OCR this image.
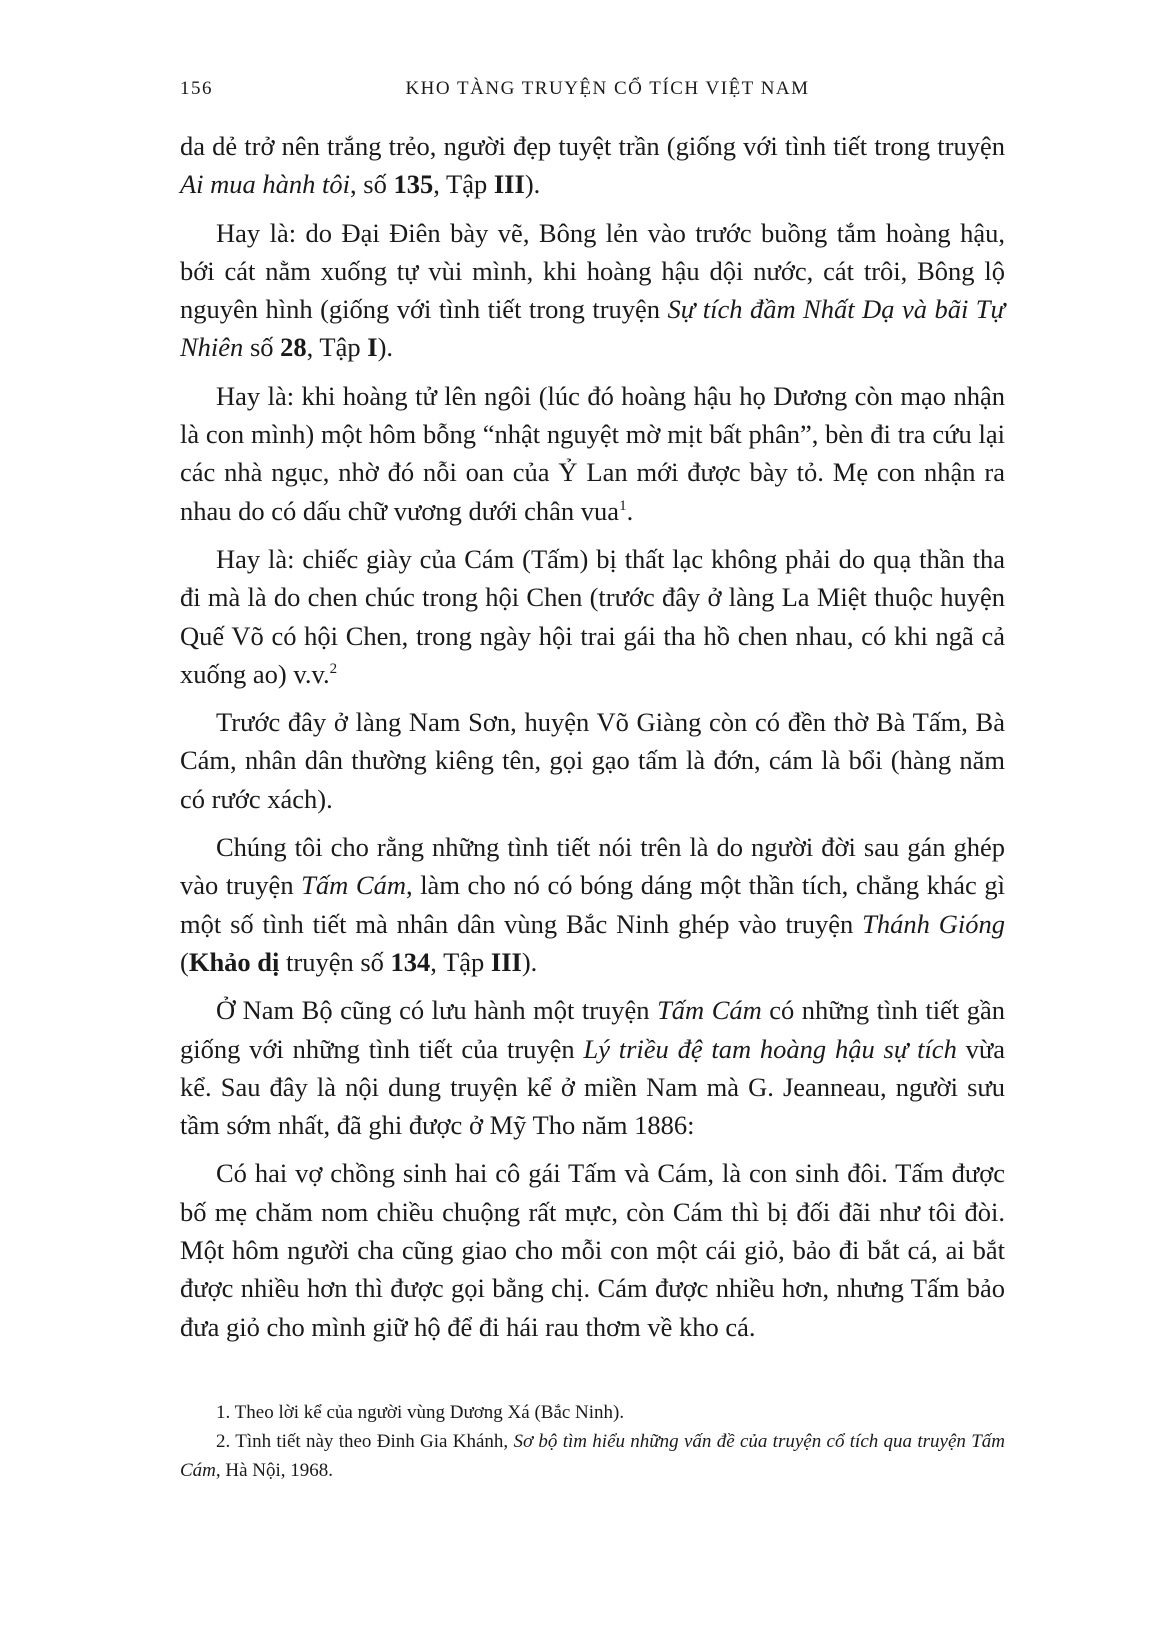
156	KHO TÀNG TRUYỆN CỔ TÍCH VIỆT NAM

da dẻ trở nên trắng trẻo, người đẹp tuyệt trần (giống với tình tiết trong truyện Ai mua hành tôi, số 135, Tập III).

Hay là: do Đại Điên bày vẽ, Bông lẻn vào trước buồng tắm hoàng hậu, bới cát nằm xuống tự vùi mình, khi hoàng hậu dội nước, cát trôi, Bông lộ nguyên hình (giống với tình tiết trong truyện Sự tích đầm Nhất Dạ và bãi Tự Nhiên số 28, Tập I).

Hay là: khi hoàng tử lên ngôi (lúc đó hoàng hậu họ Dương còn mạo nhận là con mình) một hôm bỗng “nhật nguyệt mờ mịt bất phân”, bèn đi tra cứu lại các nhà ngục, nhờ đó nỗi oan của Ỷ Lan mới được bày tỏ. Mẹ con nhận ra nhau do có dấu chữ vương dưới chân vua$^1$.

Hay là: chiếc giày của Cám (Tấm) bị thất lạc không phải do quạ thần tha đi mà là do chen chúc trong hội Chen (trước đây ở làng La Miệt thuộc huyện Quế Võ có hội Chen, trong ngày hội trai gái tha hồ chen nhau, có khi ngã cả xuống ao) v.v.$^2$

Trước đây ở làng Nam Sơn, huyện Võ Giàng còn có đền thờ Bà Tấm, Bà Cám, nhân dân thường kiêng tên, gọi gạo tấm là đớn, cám là bổi (hàng năm có rước xách).

Chúng tôi cho rằng những tình tiết nói trên là do người đời sau gán ghép vào truyện Tấm Cám, làm cho nó có bóng dáng một thần tích, chẳng khác gì một số tình tiết mà nhân dân vùng Bắc Ninh ghép vào truyện Thánh Gióng (Khảo dị truyện số 134, Tập III).

Ở Nam Bộ cũng có lưu hành một truyện Tấm Cám có những tình tiết gần giống với những tình tiết của truyện Lý triều đệ tam hoàng hậu sự tích vừa kể. Sau đây là nội dung truyện kể ở miền Nam mà G. Jeanneau, người sưu tầm sớm nhất, đã ghi được ở Mỹ Tho năm 1886:

Có hai vợ chồng sinh hai cô gái Tấm và Cám, là con sinh đôi. Tấm được bố mẹ chăm nom chiều chuộng rất mực, còn Cám thì bị đối đãi như tôi đòi. Một hôm người cha cũng giao cho mỗi con một cái giỏ, bảo đi bắt cá, ai bắt được nhiều hơn thì được gọi bằng chị. Cám được nhiều hơn, nhưng Tấm bảo đưa giỏ cho mình giữ hộ để đi hái rau thơm về kho cá.

1. Theo lời kể của người vùng Dương Xá (Bắc Ninh).

2. Tình tiết này theo Đinh Gia Khánh, Sơ bộ tìm hiểu những vấn đề của truyện cổ tích qua truyện Tấm Cám, Hà Nội, 1968.
